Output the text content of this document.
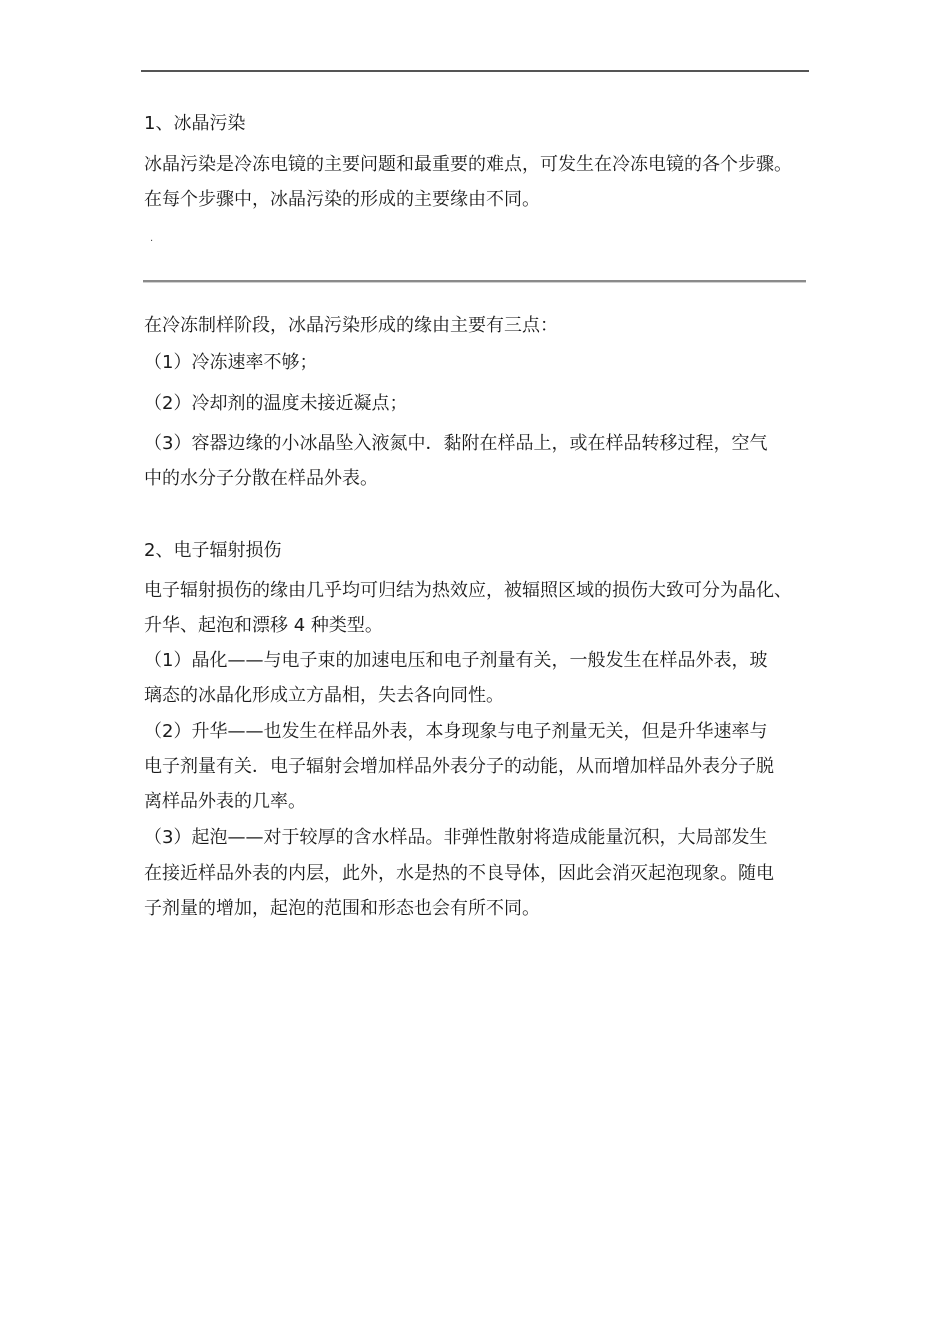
1、冰晶污染
冰晶污染是冷冻电镜的主要问题和最重要的难点，可发生在冷冻电镜的各个步骤。
在每个步骤中，冰晶污染的形成的主要缘由不同。
.
在冷冻制样阶段，冰晶污染形成的缘由主要有三点：
（1）冷冻速率不够；
（2）冷却剂的温度未接近凝点；
（3）容器边缘的小冰晶坠入液氮中．黏附在样品上，或在样品转移过程，空气
中的水分子分散在样品外表。
2、电子辐射损伤
电子辐射损伤的缘由几乎均可归结为热效应，被辐照区域的损伤大致可分为晶化、
升华、起泡和漂移 4 种类型。
（1）晶化——与电子束的加速电压和电子剂量有关，一般发生在样品外表，玻
璃态的冰晶化形成立方晶相，失去各向同性。
（2）升华——也发生在样品外表，本身现象与电子剂量无关，但是升华速率与
电子剂量有关．电子辐射会增加样品外表分子的动能，从而增加样品外表分子脱
离样品外表的几率。
（3）起泡——对于较厚的含水样品。非弹性散射将造成能量沉积，大局部发生
在接近样品外表的内层，此外，水是热的不良导体，因此会消灭起泡现象。随电
子剂量的增加，起泡的范围和形态也会有所不同。
